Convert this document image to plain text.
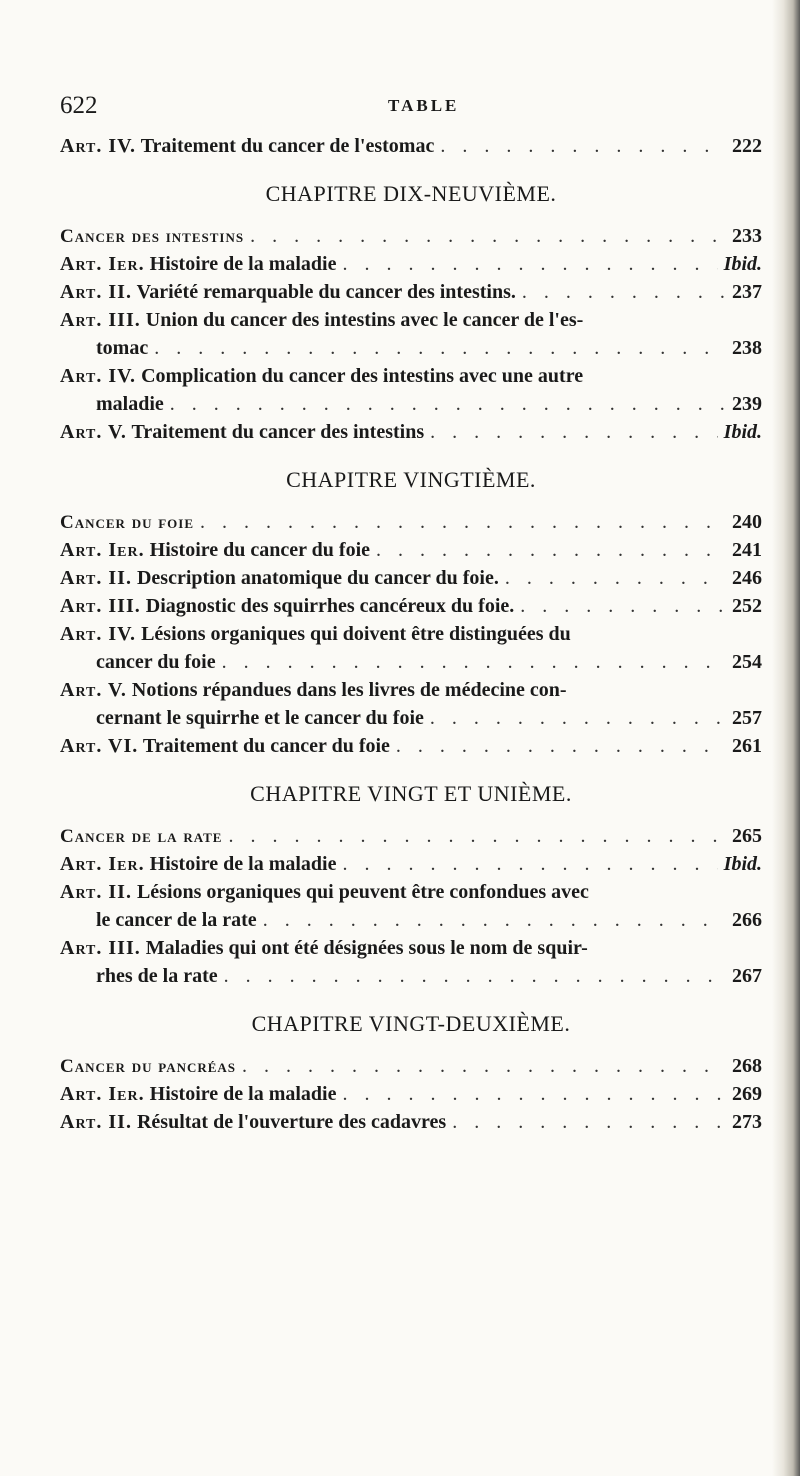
622	TABLE
Art. IV. Traitement du cancer de l'estomac . . .	222
CHAPITRE DIX-NEUVIÈME.
Cancer des intestins . . .	233
Art. Ier. Histoire de la maladie . . .	Ibid.
Art. II. Variété remarquable du cancer des intestins. . . .	237
Art. III. Union du cancer des intestins avec le cancer de l'es-
tomac . . .	238
Art. IV. Complication du cancer des intestins avec une autre
maladie . . .	239
Art. V. Traitement du cancer des intestins . . .	Ibid.
CHAPITRE VINGTIÈME.
Cancer du foie . . .	240
Art. Ier. Histoire du cancer du foie . . .	241
Art. II. Description anatomique du cancer du foie. . . .	246
Art. III. Diagnostic des squirrhes cancéreux du foie. . . .	252
Art. IV. Lésions organiques qui doivent être distinguées du
cancer du foie . . .	254
Art. V. Notions répandues dans les livres de médecine con-
cernant le squirrhe et le cancer du foie . . .	257
Art. VI. Traitement du cancer du foie . . .	261
CHAPITRE VINGT ET UNIÈME.
Cancer de la rate . . .	265
Art. Ier. Histoire de la maladie . . .	Ibid.
Art. II. Lésions organiques qui peuvent être confondues avec
le cancer de la rate . . .	266
Art. III. Maladies qui ont été désignées sous le nom de squir-
rhes de la rate . . .	267
CHAPITRE VINGT-DEUXIÈME.
Cancer du pancréas . . .	268
Art. Ier. Histoire de la maladie . . .	269
Art. II. Résultat de l'ouverture des cadavres . . .	273
